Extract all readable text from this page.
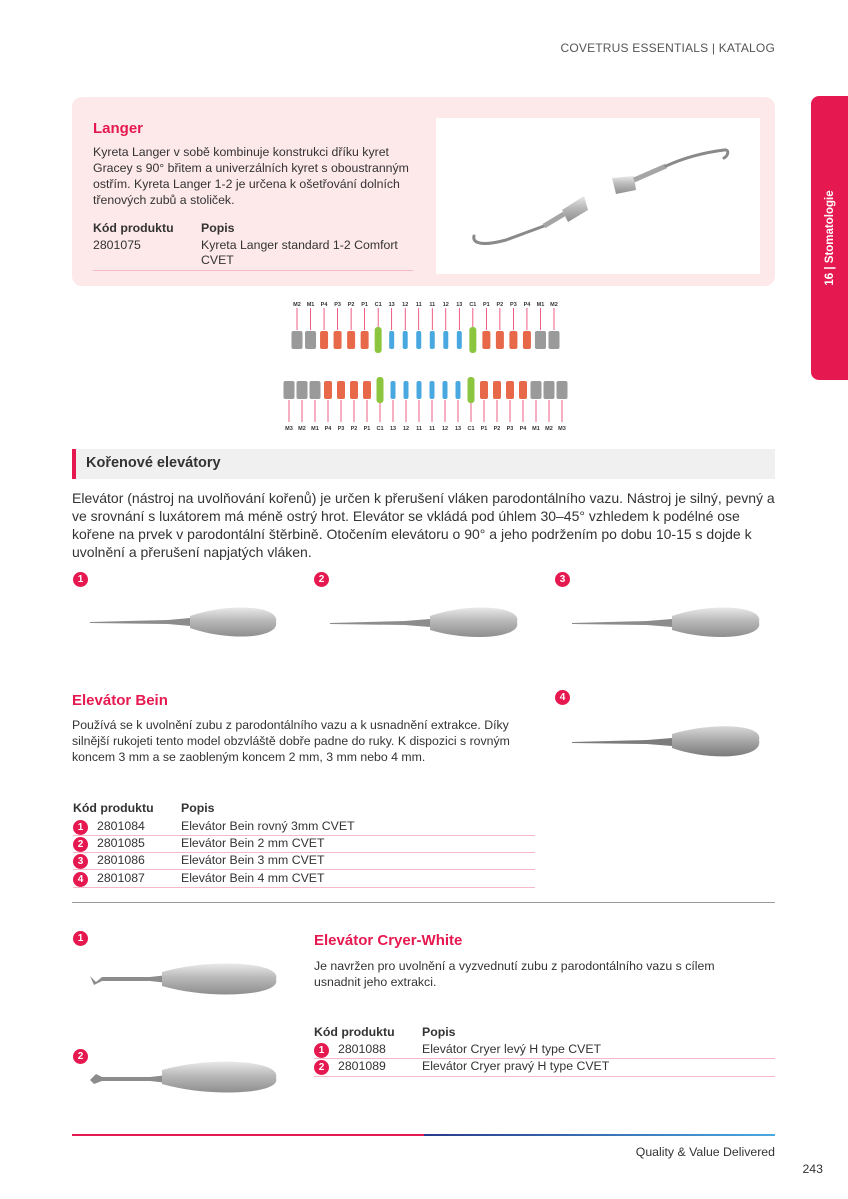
COVETRUS ESSENTIALS | KATALOG
16 | Stomatologie
Langer
Kyreta Langer v sobě kombinuje konstrukci dříku kyret Gracey s 90° břitem a univerzálních kyret s oboustranným ostřím. Kyreta Langer 1-2 je určena k ošetřování dolních třenových zubů a stoliček.
Kód produktu Popis
2801075	Kyreta Langer standard 1-2 Comfort CVET
M2 M1 P4 P3 P2 P1 C1 13 12 11 11 12 13 C1 P1 P2 P3 P4 M1 M2
M3 M2 M1 P4 P3 P2 P1 C1 13 12 11 11 12 13 C1 P1 P2 P3 P4 M1 M2 M3
Kořenové elevátory
Elevátor (nástroj na uvolňování kořenů) je určen k přerušení vláken parodontálního vazu. Nástroj je silný, pevný a ve srovnání s luxátorem má méně ostrý hrot. Elevátor se vkládá pod úhlem 30–45° vzhledem k podélné ose kořene na prvek v parodontální štěrbině. Otočením elevátoru o 90° a jeho podržením po dobu 10-15 s dojde k uvolnění a přerušení napjatých vláken.
1	2	3
4
Elevátor Bein
Používá se k uvolnění zubu z parodontálního vazu a k usnadnění extrakce. Díky silnější rukojeti tento model obzvláště dobře padne do ruky. K dispozici s rovným koncem 3 mm a se zaobleným koncem 2 mm, 3 mm nebo 4 mm.
Kód produktu Popis
1	2801084	Elevátor Bein rovný 3mm CVET
2	2801085	Elevátor Bein 2 mm CVET
3	2801086	Elevátor Bein 3 mm CVET
4	2801087	Elevátor Bein 4 mm CVET
1
2
Elevátor Cryer-White
Je navržen pro uvolnění a vyzvednutí zubu z parodontálního vazu s cílem usnadnit jeho extrakci.
Kód produktu Popis
1	2801088	Elevátor Cryer levý H type CVET
2	2801089	Elevátor Cryer pravý H type CVET
Quality & Value Delivered
243
